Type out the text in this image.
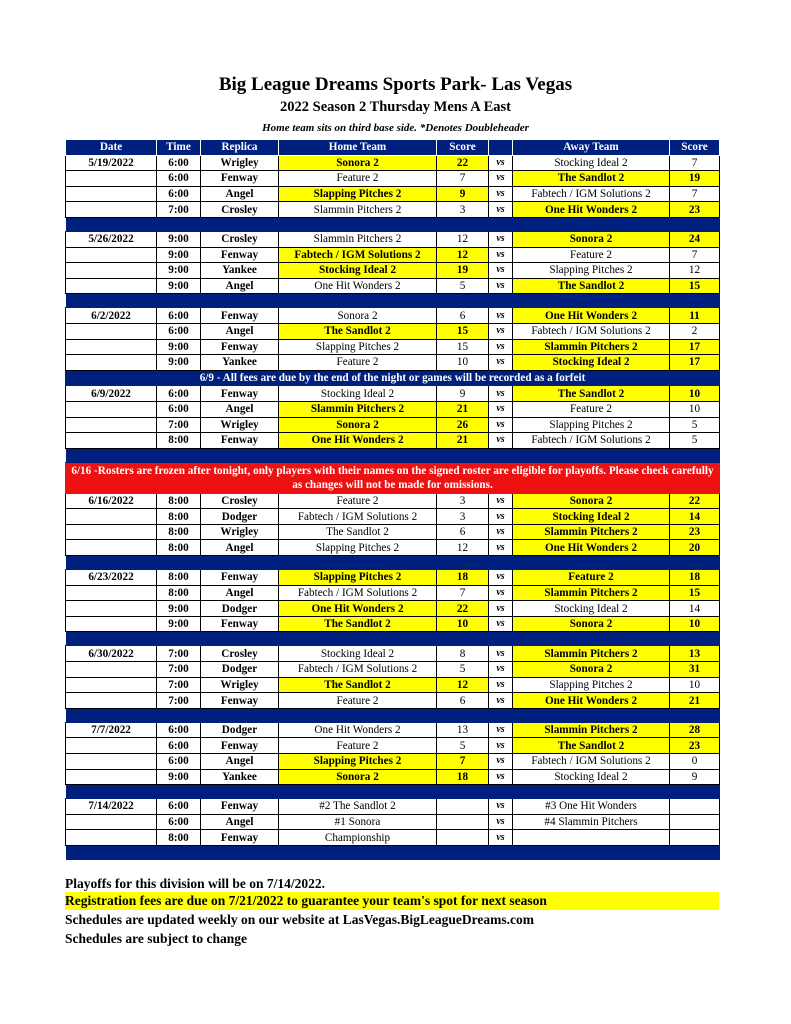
Big League Dreams Sports Park- Las Vegas
2022 Season 2 Thursday Mens A East
Home team sits on third base side. *Denotes Doubleheader
Date	Time	Replica	Home Team	Score		Away Team	Score
5/19/2022	6:00	Wrigley	Sonora 2	22	vs	Stocking Ideal 2	7
	6:00	Fenway	Feature 2	7	vs	The Sandlot 2	19
	6:00	Angel	Slapping Pitches 2	9	vs	Fabtech / IGM Solutions 2	7
	7:00	Crosley	Slammin Pitchers 2	3	vs	One Hit Wonders 2	23

5/26/2022	9:00	Crosley	Slammin Pitchers 2	12	vs	Sonora 2	24
	9:00	Fenway	Fabtech / IGM Solutions 2	12	vs	Feature 2	7
	9:00	Yankee	Stocking Ideal 2	19	vs	Slapping Pitches 2	12
	9:00	Angel	One Hit Wonders 2	5	vs	The Sandlot 2	15

6/2/2022	6:00	Fenway	Sonora 2	6	vs	One Hit Wonders 2	11
	6:00	Angel	The Sandlot 2	15	vs	Fabtech / IGM Solutions 2	2
	9:00	Fenway	Slapping Pitches 2	15	vs	Slammin Pitchers 2	17
	9:00	Yankee	Feature 2	10	vs	Stocking Ideal 2	17
6/9 - All fees are due by the end of the night or games will be recorded as a forfeit							
6/9/2022	6:00	Fenway	Stocking Ideal 2	9	vs	The Sandlot 2	10
	6:00	Angel	Slammin Pitchers 2	21	vs	Feature 2	10
	7:00	Wrigley	Sonora 2	26	vs	Slapping Pitches 2	5
	8:00	Fenway	One Hit Wonders 2	21	vs	Fabtech / IGM Solutions 2	5

6/16 -Rosters are frozen after tonight, only players with their names on the signed roster are eligible for playoffs. Please check carefully as changes will not be made for omissions.							
6/16/2022	8:00	Crosley	Feature 2	3	vs	Sonora 2	22
	8:00	Dodger	Fabtech / IGM Solutions 2	3	vs	Stocking Ideal 2	14
	8:00	Wrigley	The Sandlot 2	6	vs	Slammin Pitchers 2	23
	8:00	Angel	Slapping Pitches 2	12	vs	One Hit Wonders 2	20

6/23/2022	8:00	Fenway	Slapping Pitches 2	18	vs	Feature 2	18
	8:00	Angel	Fabtech / IGM Solutions 2	7	vs	Slammin Pitchers 2	15
	9:00	Dodger	One Hit Wonders 2	22	vs	Stocking Ideal 2	14
	9:00	Fenway	The Sandlot 2	10	vs	Sonora 2	10

6/30/2022	7:00	Crosley	Stocking Ideal 2	8	vs	Slammin Pitchers 2	13
	7:00	Dodger	Fabtech / IGM Solutions 2	5	vs	Sonora 2	31
	7:00	Wrigley	The Sandlot 2	12	vs	Slapping Pitches 2	10
	7:00	Fenway	Feature 2	6	vs	One Hit Wonders 2	21

7/7/2022	6:00	Dodger	One Hit Wonders 2	13	vs	Slammin Pitchers 2	28
	6:00	Fenway	Feature 2	5	vs	The Sandlot 2	23
	6:00	Angel	Slapping Pitches 2	7	vs	Fabtech / IGM Solutions 2	0
	9:00	Yankee	Sonora 2	18	vs	Stocking Ideal 2	9

7/14/2022	6:00	Fenway	#2 The Sandlot 2		vs	#3 One Hit Wonders	
	6:00	Angel	#1 Sonora		vs	#4 Slammin Pitchers	
	8:00	Fenway	Championship		vs		

Playoffs for this division will be on 7/14/2022.
Registration fees are due on 7/21/2022 to guarantee your team's spot for next season
Schedules are updated weekly on our website at LasVegas.BigLeagueDreams.com
Schedules are subject to change
